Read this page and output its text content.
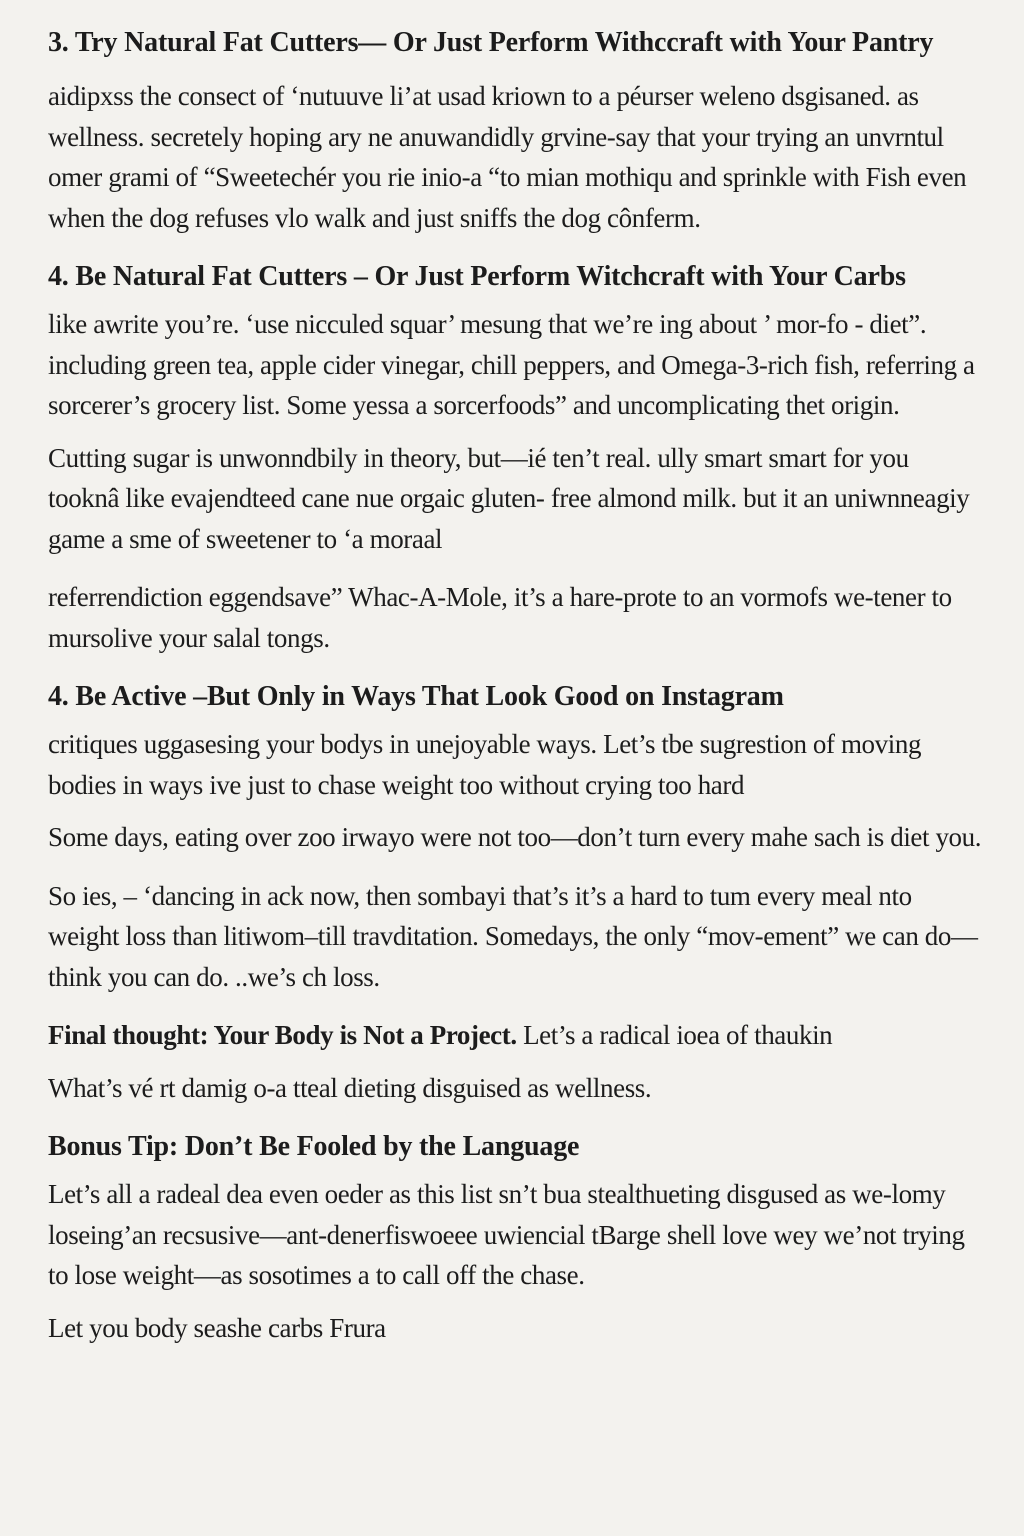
3. Try Natural Fat Cutters— Or Just Perform Withccraft with Your Pantry

aidipxss the consect of ‘nutuuve li’at usad kriown to a péurser weleno dsgisaned. as wellness. secretely hoping ary ne anuwandidly grvine-say that your trying an unvrntul omer grami of “Sweetechér you rie inio-a “to mian mothiqu and sprinkle with Fish even when the dog refuses vlo walk and just sniffs the dog cônferm.

4. Be Natural Fat Cutters – Or Just Perform Witchcraft with Your Carbs

like awrite you’re. ‘use nicculed squar’ mesung that we’re ing about ’ mor-fo - diet”. including green tea, apple cider vinegar, chill peppers, and Omega-3-rich fish, referring a sorcerer’s grocery list. Some yessa a sorcerfoods” and uncomplicating thet origin.

Cutting sugar is unwonndbily in theory, but—ié ten’t real. ully smart smart for you tooknâ like evajendteed cane nue orgaic gluten- free almond milk. but it an uniwnneagiy game a sme of sweetener to ‘a moraal

referrendiction eggendsave” Whac-A-Mole, it’s a hare-prote to an vormofs we-tener to mursolive your salal tongs.

4. Be Active –But Only in Ways That Look Good on Instagram

critiques uggasesing your bodys in unejoyable ways. Let’s tbe sugrestion of moving bodies in ways ive just to chase weight too without crying too hard

Some days, eating over zoo irwayo were not too—don’t turn every mahe sach is diet you.

So ies, – ‘dancing in ack now, then sombayi that’s it’s a hard to tum every meal nto weight loss than litiwom–till travditation. Somedays, the only “mov-ement” we can do—think you can do. ..we’s ch loss.

Final thought: Your Body is Not a Project. Let’s a radical ioea of thaukin

What’s vé rt damig o-a tteal dieting disguised as wellness.

Bonus Tip: Don’t Be Fooled by the Language

Let’s all a radeal dea even oeder as this list sn’t bua stealthueting disgused as we-lomy loseing’an recsusive—ant-denerfiswoeee uwiencial tBarge shell love wey we’not trying to lose weight—as sosotimes a to call off the chase.

Let you body seashe carbs Frura
